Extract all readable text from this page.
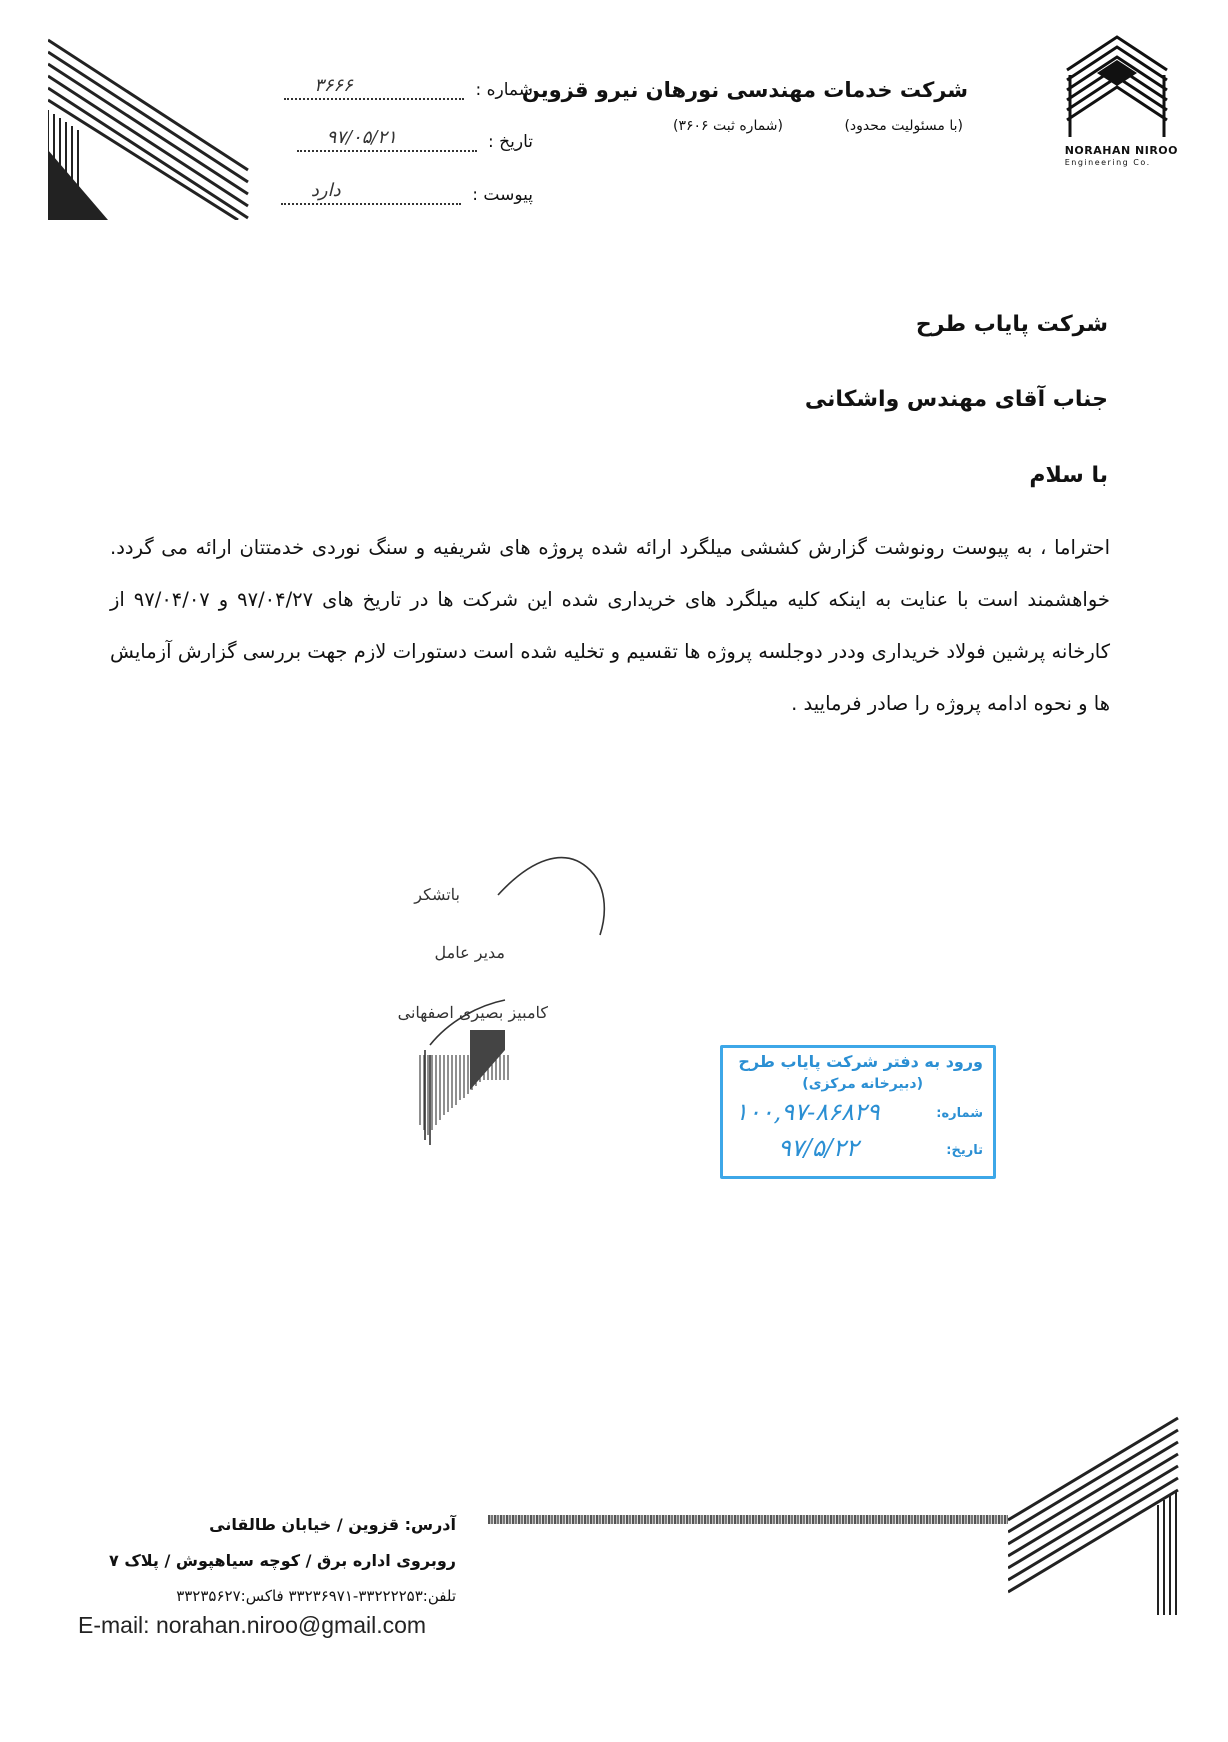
NORAHAN NIROO
Engineering Co.
شرکت خدمات مهندسی نورهان نیرو قزوین
(با مسئولیت محدود)
(شماره ثبت ۳۶۰۶)
شماره :
۳۶۶۶
تاریخ :
۹۷/۰۵/۲۱
پیوست :
دارد
شرکت پایاب طرح
جناب آقای مهندس واشکانی
با سلام
احتراما ، به پیوست رونوشت گزارش کششی میلگرد ارائه شده پروژه های شریفیه و سنگ نوردی خدمتتان ارائه می گردد. خواهشمند است با عنایت به اینکه کلیه میلگرد های خریداری شده این شرکت ها در تاریخ های ۹۷/۰۴/۲۷ و ۹۷/۰۴/۰۷ از کارخانه پرشین فولاد خریداری وددر دوجلسه پروژه ها تقسیم و تخلیه شده است دستورات لازم جهت بررسی گزارش آزمایش ها و نحوه ادامه پروژه را صادر فرمایید .
باتشکر
مدیر عامل
کامبیز بصیری اصفهانی
ورود به دفتر شرکت پایاب طرح
(دبیرخانه مرکزی)
شماره:
۱۰۰,۹۷-۸۶۸۲۹
تاریخ:
۹۷/۵/۲۲
آدرس: قزوین / خیابان طالقانی
روبروی اداره برق / کوچه سیاهپوش / پلاک ۷
تلفن:۳۳۲۲۲۲۵۳-۳۳۲۳۶۹۷۱ فاکس:۳۳۲۳۵۶۲۷
E-mail: norahan.niroo@gmail.com
